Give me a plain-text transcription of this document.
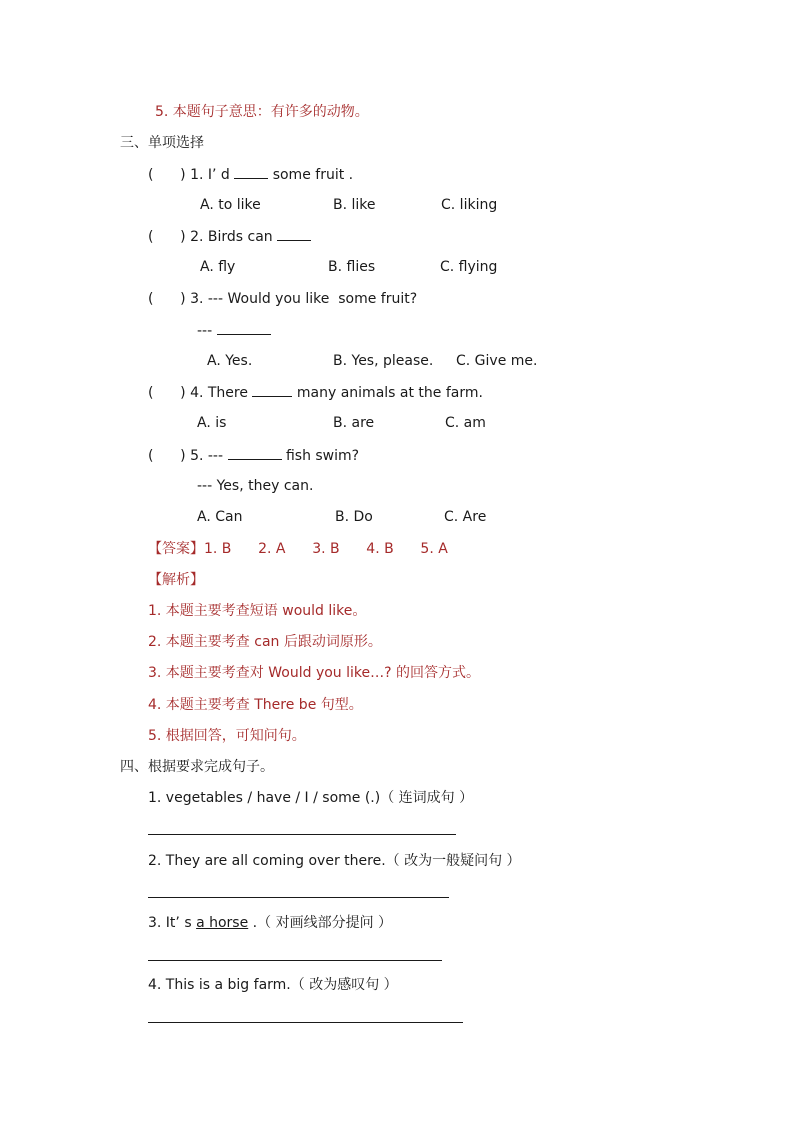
5. 本题句子意思：有许多的动物。
三、单项选择
(      ) 1. I’ d  some fruit .
A. to like	B. like	C. liking
(      ) 2. Birds can
A. fly	B. flies	C. flying
(      ) 3. --- Would you like  some fruit?
---
A. Yes.	B. Yes, please. C. Give me.
(      ) 4. There	many animals at the farm.
A. is	B. are	C. am
(      ) 5. ---	fish swim?
--- Yes, they can.
A. Can	B. Do	C. Are
【答案】1. B      2. A      3. B      4. B      5. A
【解析】
1. 本题主要考查短语 would like。
2. 本题主要考查 can 后跟动词原形。
3. 本题主要考查对 Would you like…? 的回答方式。
4. 本题主要考查 There be 句型。
5. 根据回答，可知问句。
四、根据要求完成句子。
1. vegetables / have / I / some (.)（ 连词成句 ）
2. They are all coming over there.（ 改为一般疑问句 ）
3. It’ s a horse .（ 对画线部分提问 ）
4. This is a big farm.（ 改为感叹句 ）
